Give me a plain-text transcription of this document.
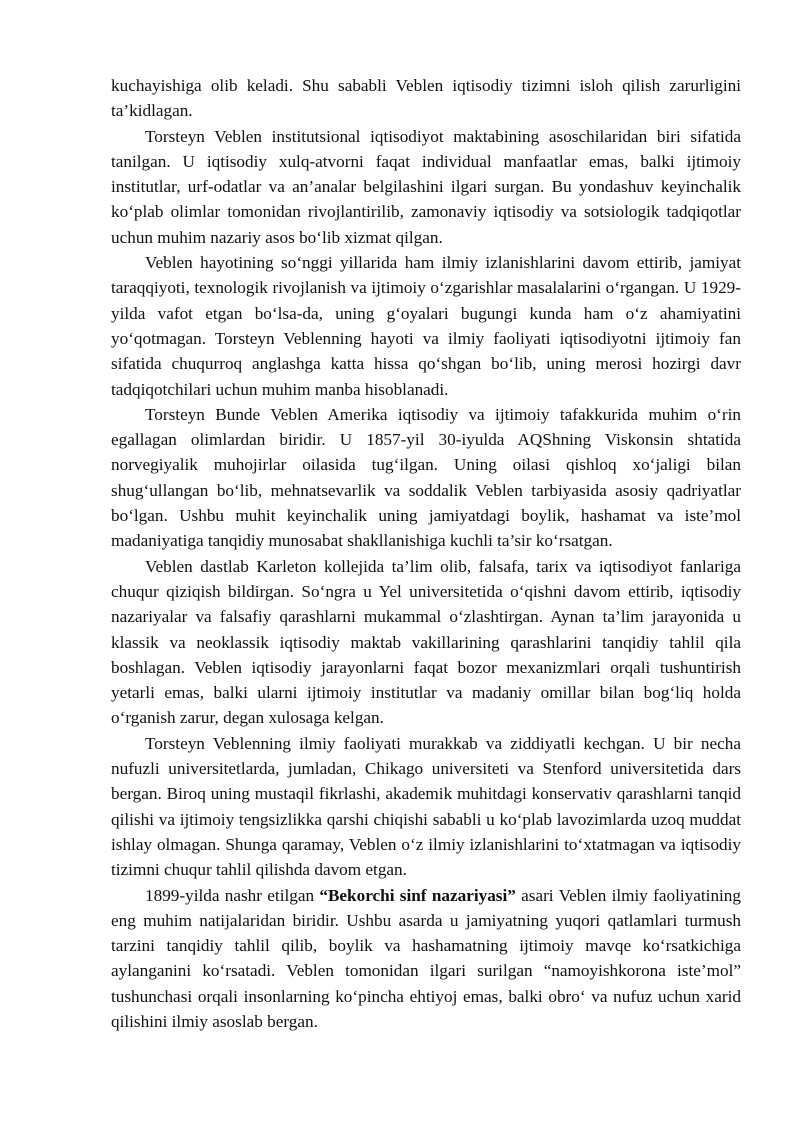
kuchayishiga olib keladi. Shu sababli Veblen iqtisodiy tizimni isloh qilish zarurligini ta’kidlagan.

Torsteyn Veblen institutsional iqtisodiyot maktabining asoschilaridan biri sifatida tanilgan. U iqtisodiy xulq-atvorni faqat individual manfaatlar emas, balki ijtimoiy institutlar, urf-odatlar va an’analar belgilashini ilgari surgan. Bu yondashuv keyinchalik ko‘plab olimlar tomonidan rivojlantirilib, zamonaviy iqtisodiy va sotsiologik tadqiqotlar uchun muhim nazariy asos bo‘lib xizmat qilgan.

Veblen hayotining so‘nggi yillarida ham ilmiy izlanishlarini davom ettirib, jamiyat taraqqiyoti, texnologik rivojlanish va ijtimoiy o‘zgarishlar masalalarini o‘rgangan. U 1929-yilda vafot etgan bo‘lsa-da, uning g‘oyalari bugungi kunda ham o‘z ahamiyatini yo‘qotmagan. Torsteyn Veblenning hayoti va ilmiy faoliyati iqtisodiyotni ijtimoiy fan sifatida chuqurroq anglashga katta hissa qo‘shgan bo‘lib, uning merosi hozirgi davr tadqiqotchilari uchun muhim manba hisoblanadi.

Torsteyn Bunde Veblen Amerika iqtisodiy va ijtimoiy tafakkurida muhim o‘rin egallagan olimlardan biridir. U 1857-yil 30-iyulda AQShning Viskonsin shtatida norvegiyalik muhojirlar oilasida tug‘ilgan. Uning oilasi qishloq xo‘jaligi bilan shug‘ullangan bo‘lib, mehnatsevarlik va soddalik Veblen tarbiyasida asosiy qadriyatlar bo‘lgan. Ushbu muhit keyinchalik uning jamiyatdagi boylik, hashamat va iste’mol madaniyatiga tanqidiy munosabat shakllanishiga kuchli ta’sir ko‘rsatgan.

Veblen dastlab Karleton kollejida ta’lim olib, falsafa, tarix va iqtisodiyot fanlariga chuqur qiziqish bildirgan. So‘ngra u Yel universitetida o‘qishni davom ettirib, iqtisodiy nazariyalar va falsafiy qarashlarni mukammal o‘zlashtirgan. Aynan ta’lim jarayonida u klassik va neoklassik iqtisodiy maktab vakillarining qarashlarini tanqidiy tahlil qila boshlagan. Veblen iqtisodiy jarayonlarni faqat bozor mexanizmlari orqali tushuntirish yetarli emas, balki ularni ijtimoiy institutlar va madaniy omillar bilan bog‘liq holda o‘rganish zarur, degan xulosaga kelgan.

Torsteyn Veblenning ilmiy faoliyati murakkab va ziddiyatli kechgan. U bir necha nufuzli universitetlarda, jumladan, Chikago universiteti va Stenford universitetida dars bergan. Biroq uning mustaqil fikrlashi, akademik muhitdagi konservativ qarashlarni tanqid qilishi va ijtimoiy tengsizlikka qarshi chiqishi sababli u ko‘plab lavozimlarda uzoq muddat ishlay olmagan. Shunga qaramay, Veblen o‘z ilmiy izlanishlarini to‘xtatmagan va iqtisodiy tizimni chuqur tahlil qilishda davom etgan.

1899-yilda nashr etilgan “Bekorchi sinf nazariyasi” asari Veblen ilmiy faoliyatining eng muhim natijalaridan biridir. Ushbu asarda u jamiyatning yuqori qatlamlari turmush tarzini tanqidiy tahlil qilib, boylik va hashamatning ijtimoiy mavqe ko‘rsatkichiga aylanganini ko‘rsatadi. Veblen tomonidan ilgari surilgan “namoyishkorona iste’mol” tushunchasi orqali insonlarning ko‘pincha ehtiyoj emas, balki obro‘ va nufuz uchun xarid qilishini ilmiy asoslab bergan.
